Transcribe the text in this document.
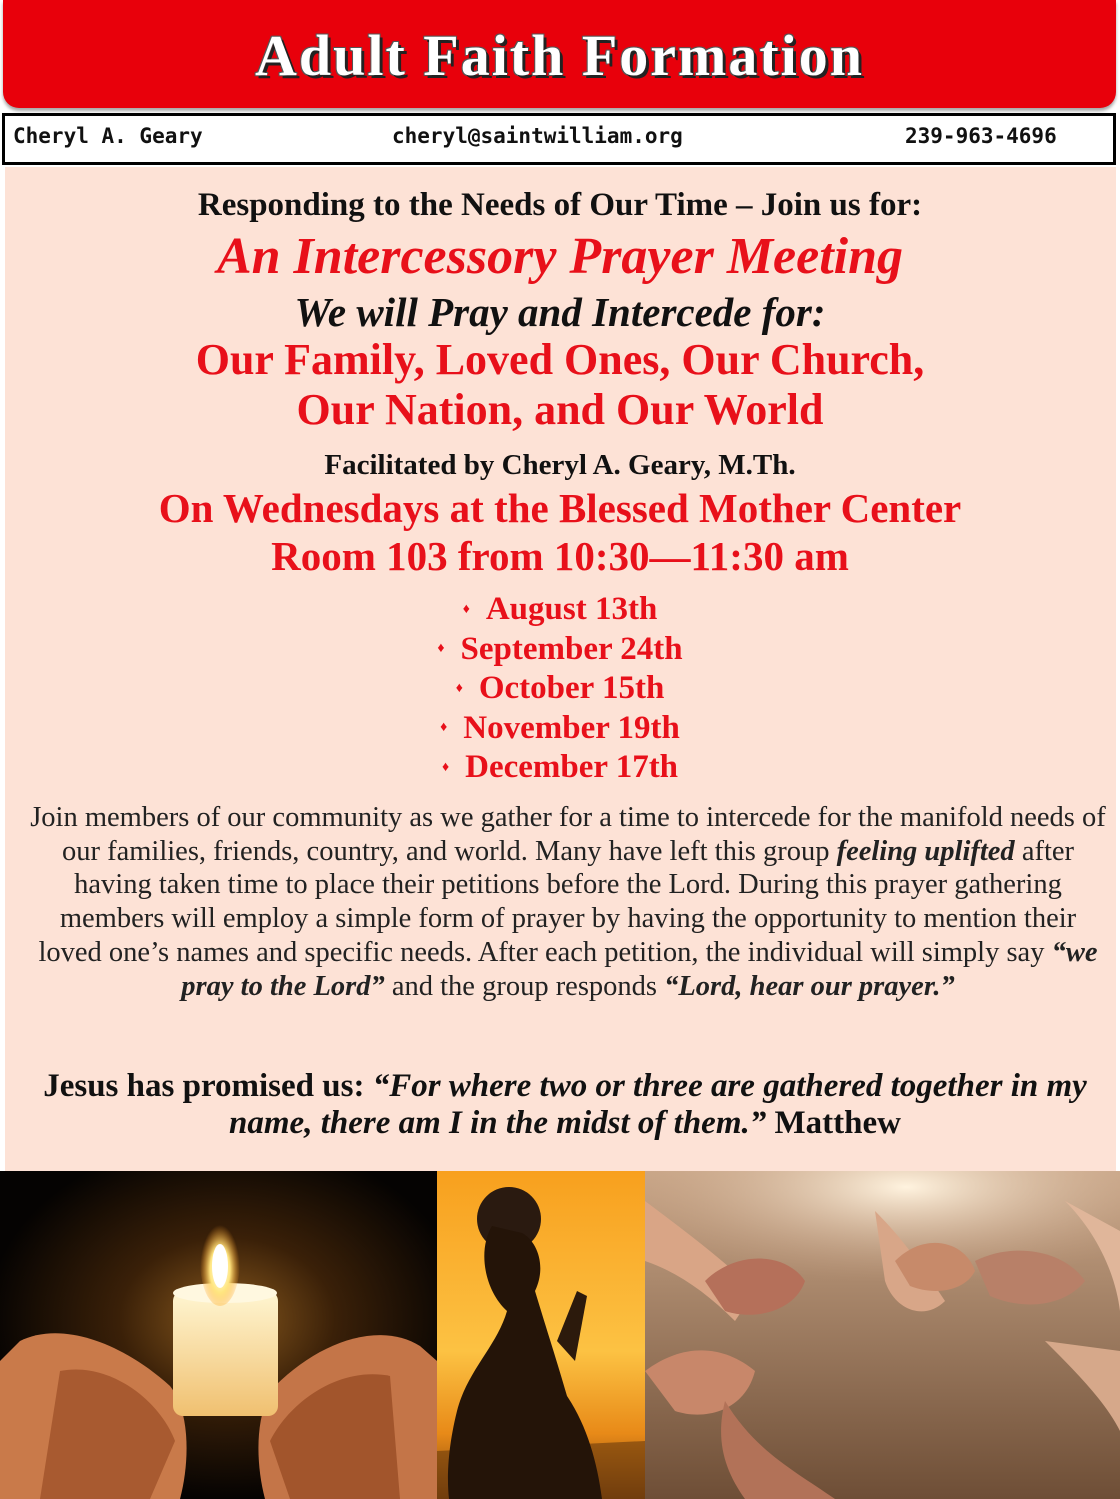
Adult Faith Formation
Cheryl A. Geary	cheryl@saintwilliam.org	239-963-4696
Responding to the Needs of Our Time – Join us for:
An Intercessory Prayer Meeting
We will Pray and Intercede for:
Our Family, Loved Ones, Our Church,
Our Nation, and Our World
Facilitated by Cheryl A. Geary, M.Th.
On Wednesdays at the Blessed Mother Center
Room 103 from 10:30—11:30 am
♦ August 13th
♦ September 24th
♦ October 15th
♦ November 19th
♦ December 17th
Join members of our community as we gather for a time to intercede for the manifold needs of our families, friends, country, and world. Many have left this group feeling uplifted after having taken time to place their petitions before the Lord. During this prayer gathering members will employ a simple form of prayer by having the opportunity to mention their loved one’s names and specific needs. After each petition, the individual will simply say “we pray to the Lord” and the group responds “Lord, hear our prayer.”
Jesus has promised us: “For where two or three are gathered together in my name, there am I in the midst of them.” Matthew
